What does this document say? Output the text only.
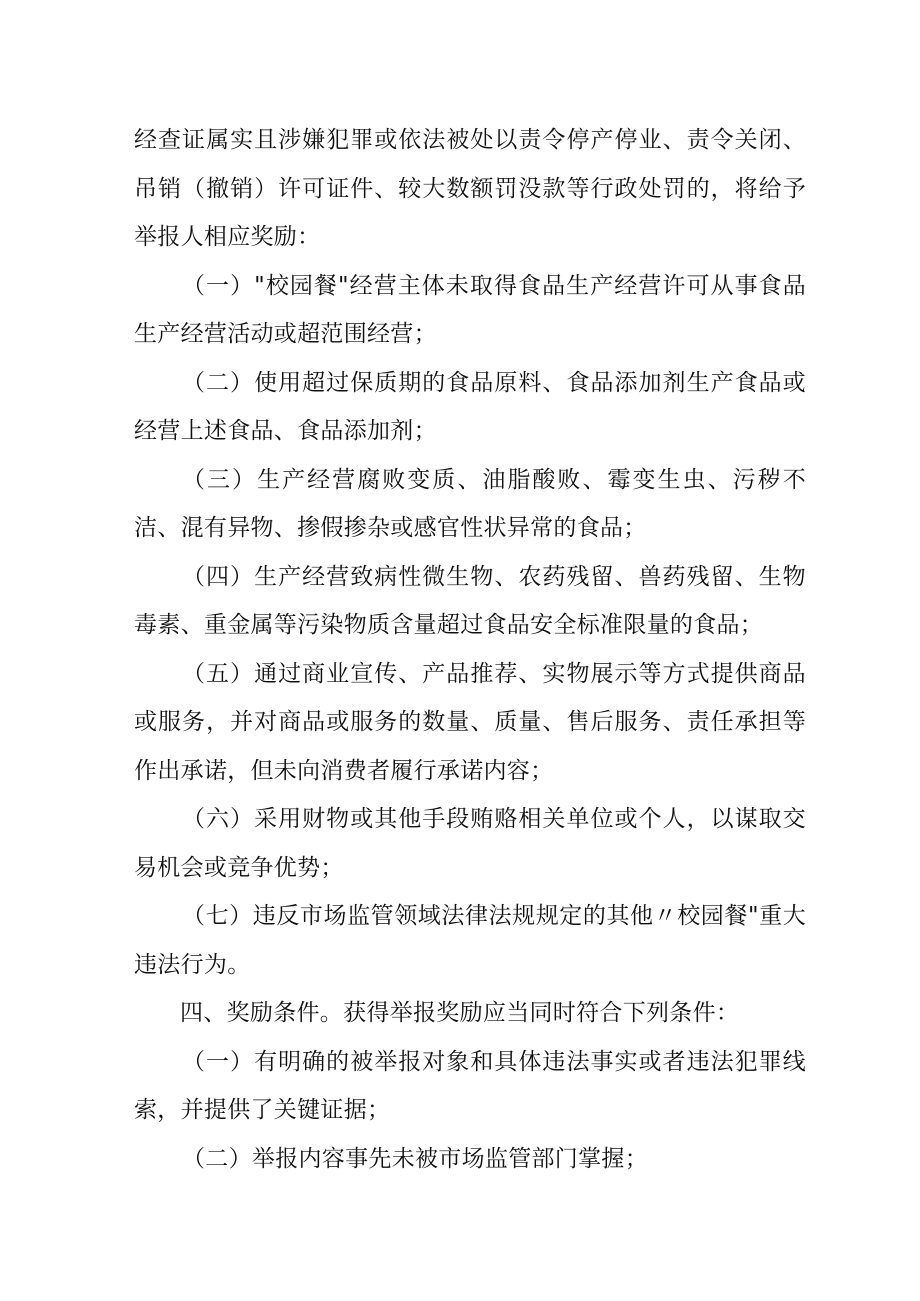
经查证属实且涉嫌犯罪或依法被处以责令停产停业、责令关闭、吊销（撤销）许可证件、较大数额罚没款等行政处罚的，将给予举报人相应奖励：

（一）"校园餐"经营主体未取得食品生产经营许可从事食品生产经营活动或超范围经营；

（二）使用超过保质期的食品原料、食品添加剂生产食品或经营上述食品、食品添加剂；

（三）生产经营腐败变质、油脂酸败、霉变生虫、污秽不洁、混有异物、掺假掺杂或感官性状异常的食品；

（四）生产经营致病性微生物、农药残留、兽药残留、生物毒素、重金属等污染物质含量超过食品安全标准限量的食品；

（五）通过商业宣传、产品推荐、实物展示等方式提供商品或服务，并对商品或服务的数量、质量、售后服务、责任承担等作出承诺，但未向消费者履行承诺内容；

（六）采用财物或其他手段贿赂相关单位或个人，以谋取交易机会或竞争优势；

（七）违反市场监管领域法律法规规定的其他〃校园餐"重大违法行为。

四、奖励条件。获得举报奖励应当同时符合下列条件：

（一）有明确的被举报对象和具体违法事实或者违法犯罪线索，并提供了关键证据；

（二）举报内容事先未被市场监管部门掌握；
